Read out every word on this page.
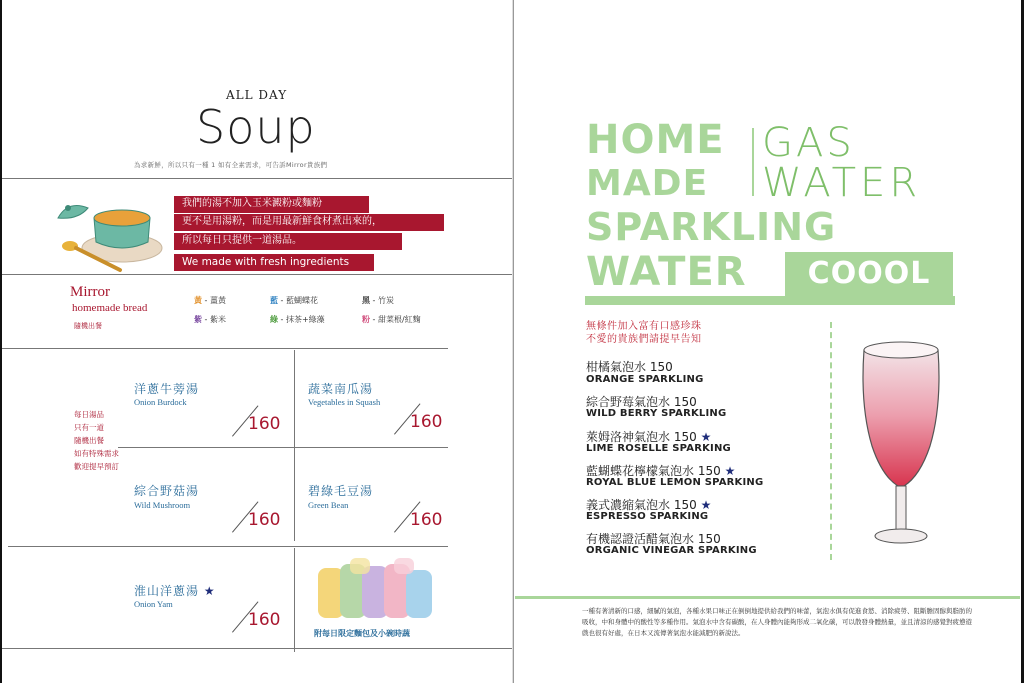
ALL DAY
Soup
為求新鮮，所以只有一種 1 如有全素需求，可告訴Mirror貴族們
我們的湯不加入玉米澱粉或麵粉
更不是用湯粉，而是用最新鮮食材煮出來的，
所以每日只提供一道湯品。
We made with fresh ingredients
Mirror
homemade bread
隨機出餐
黃 - 薑黃	藍 - 藍蝴蝶花	黑 - 竹炭
紫 - 紫米	綠 - 抹茶+綠藻	粉 - 甜菜根/紅麴
每日湯品
只有一道
隨機出餐
如有特殊需求
歡迎提早預訂
洋蔥牛蒡湯
Onion Burdock
160
蔬菜南瓜湯
Vegetables in Squash
160
綜合野菇湯
Wild Mushroom
160
碧綠毛豆湯
Green Bean
160
淮山洋蔥湯 ★
Onion Yam
160
附每日限定麵包及小碗時蔬
HOME
MADE
SPARKLING
WATER
GAS
WATER
COOOL
無條件加入富有口感珍珠
不愛的貴族們請提早告知
柑橘氣泡水 150
ORANGE SPARKLING
綜合野莓氣泡水 150
WILD BERRY SPARKLING
萊姆洛神氣泡水 150 ★
LIME ROSELLE SPARKING
藍蝴蝶花檸檬氣泡水 150 ★
ROYAL BLUE LEMON SPARKING
義式濃縮氣泡水 150 ★
ESPRESSO SPARKING
有機認證活醋氣泡水 150
ORGANIC VINEGAR SPARKING
一種有著清新的口感，細膩的氣泡，各種水果口味正在倒倒地提供給我們的味蕾，氣泡水俱有促進食慾、消除疲勞、阻斷膽固醇與脂肪的吸收，中和身體中的酸性等多種作用。氣泡水中含有碳酸，在人身體內能夠形成二氧化碳，可以散發身體熱量，並且清涼的感覺對疲憊遊戲也很有好處，在日本又流傳著氣泡水能減肥的新說法。
